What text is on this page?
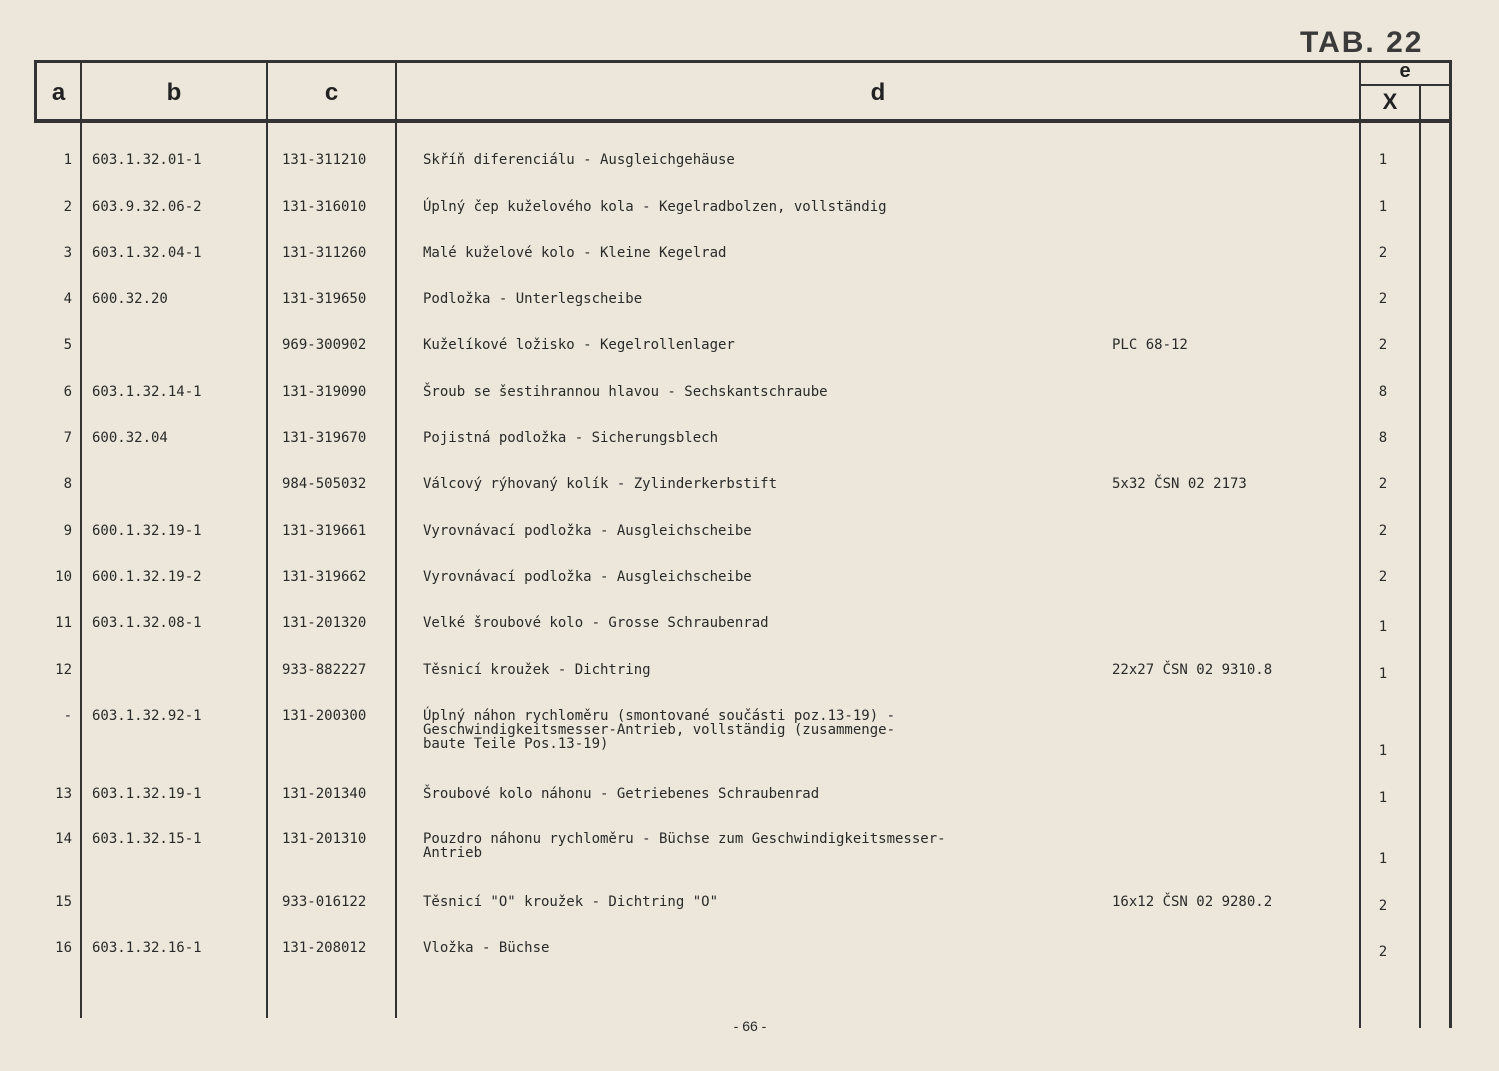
TAB. 22
a	b	c	d
e
X
1 603.1.32.01-1	131-311210	Skříň diferenciálu - Ausgleichgehäuse	1
2 603.9.32.06-2	131-316010	Úplný čep kuželového kola - Kegelradbolzen, vollständig	1
3 603.1.32.04-1	131-311260	Malé kuželové kolo - Kleine Kegelrad	2
4 600.32.20	131-319650	Podložka - Unterlegscheibe	2
5	969-300902	Kuželíkové ložisko - Kegelrollenlager	PLC 68-12	2
6 603.1.32.14-1	131-319090	Šroub se šestihrannou hlavou - Sechskantschraube	8
7 600.32.04	131-319670	Pojistná podložka - Sicherungsblech	8
8	984-505032	Válcový rýhovaný kolík - Zylinderkerbstift	5x32 ČSN 02 2173	2
9 600.1.32.19-1	131-319661	Vyrovnávací podložka - Ausgleichscheibe	2
10 600.1.32.19-2	131-319662	Vyrovnávací podložka - Ausgleichscheibe	2
11 603.1.32.08-1	131-201320	Velké šroubové kolo - Grosse Schraubenrad	1
12	933-882227	Těsnicí kroužek - Dichtring	22x27 ČSN 02 9310.8	1
- 603.1.32.92-1	131-200300	Úplný náhon rychloměru (smontované součásti poz.13-19) -
Geschwindigkeitsmesser-Antrieb, vollständig (zusammenge-
baute Teile Pos.13-19)	1
13 603.1.32.19-1	131-201340	Šroubové kolo náhonu - Getriebenes Schraubenrad	1
14 603.1.32.15-1	131-201310	Pouzdro náhonu rychloměru - Büchse zum Geschwindigkeitsmesser-
Antrieb	1
15	933-016122	Těsnicí "O" kroužek - Dichtring "O"	16x12 ČSN 02 9280.2	2
16 603.1.32.16-1	131-208012	Vložka - Büchse	2
- 66 -
